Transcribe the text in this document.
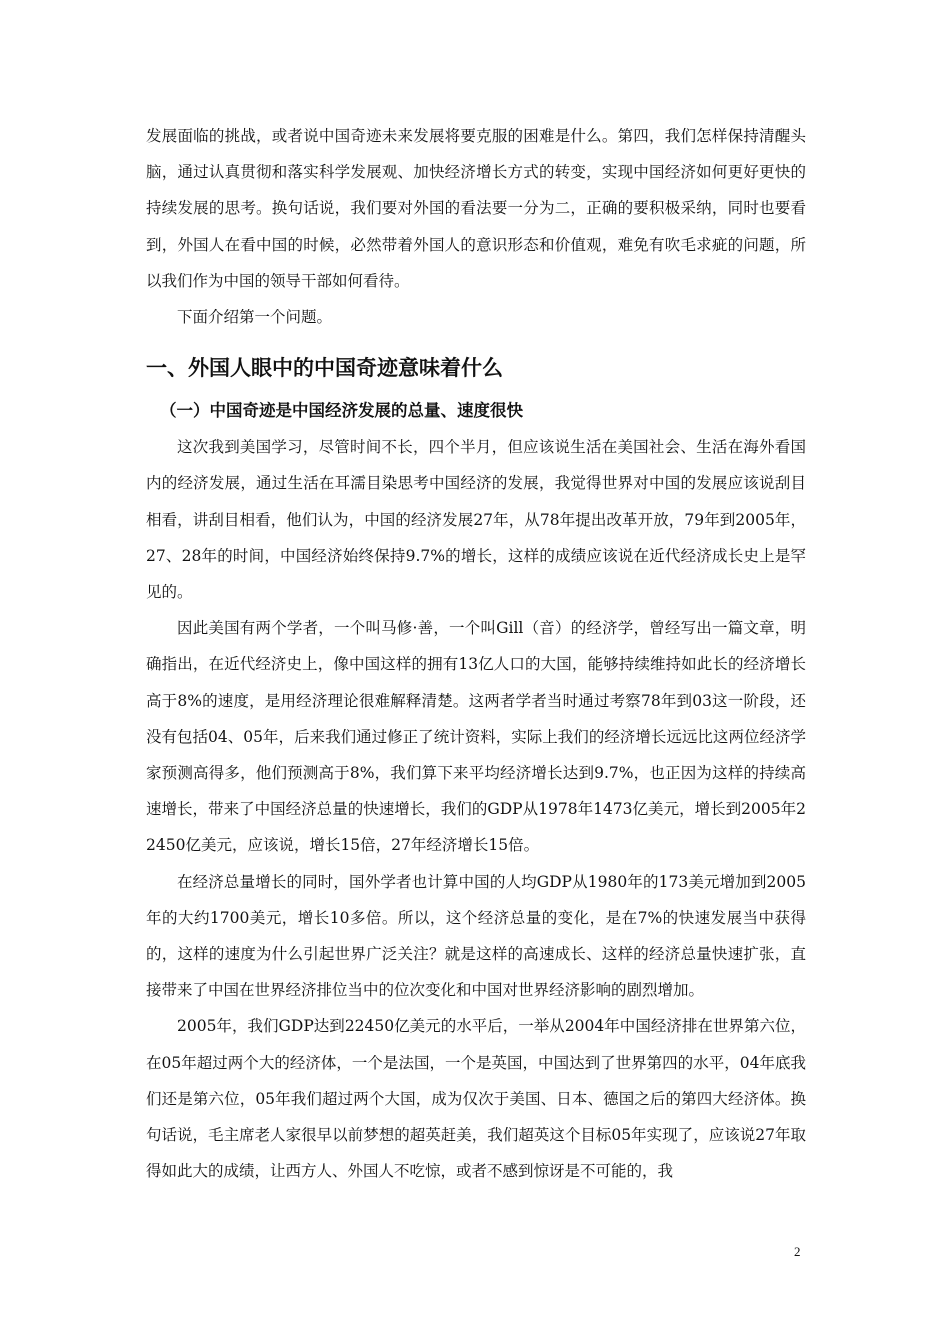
发展面临的挑战，或者说中国奇迹未来发展将要克服的困难是什么。第四，我们怎样保持清醒头脑，通过认真贯彻和落实科学发展观、加快经济增长方式的转变，实现中国经济如何更好更快的持续发展的思考。换句话说，我们要对外国的看法要一分为二，正确的要积极采纳，同时也要看到，外国人在看中国的时候，必然带着外国人的意识形态和价值观，难免有吹毛求疵的问题，所以我们作为中国的领导干部如何看待。

下面介绍第一个问题。

一、外国人眼中的中国奇迹意味着什么
（一）中国奇迹是中国经济发展的总量、速度很快

这次我到美国学习，尽管时间不长，四个半月，但应该说生活在美国社会、生活在海外看国内的经济发展，通过生活在耳濡目染思考中国经济的发展，我觉得世界对中国的发展应该说刮目相看，讲刮目相看，他们认为，中国的经济发展27年，从78年提出改革开放，79年到2005年，27、28年的时间，中国经济始终保持9.7%的增长，这样的成绩应该说在近代经济成长史上是罕见的。

因此美国有两个学者，一个叫马修·善，一个叫Gill（音）的经济学，曾经写出一篇文章，明确指出，在近代经济史上，像中国这样的拥有13亿人口的大国，能够持续维持如此长的经济增长高于8%的速度，是用经济理论很难解释清楚。这两者学者当时通过考察78年到03这一阶段，还没有包括04、05年，后来我们通过修正了统计资料，实际上我们的经济增长远远比这两位经济学家预测高得多，他们预测高于8%，我们算下来平均经济增长达到9.7%，也正因为这样的持续高速增长，带来了中国经济总量的快速增长，我们的GDP从1978年1473亿美元，增长到2005年22450亿美元，应该说，增长15倍，27年经济增长15倍。

在经济总量增长的同时，国外学者也计算中国的人均GDP从1980年的173美元增加到2005年的大约1700美元，增长10多倍。所以，这个经济总量的变化，是在7%的快速发展当中获得的，这样的速度为什么引起世界广泛关注？就是这样的高速成长、这样的经济总量快速扩张，直接带来了中国在世界经济排位当中的位次变化和中国对世界经济影响的剧烈增加。

2005年，我们GDP达到22450亿美元的水平后，一举从2004年中国经济排在世界第六位，在05年超过两个大的经济体，一个是法国，一个是英国，中国达到了世界第四的水平，04年底我们还是第六位，05年我们超过两个大国，成为仅次于美国、日本、德国之后的第四大经济体。换句话说，毛主席老人家很早以前梦想的超英赶美，我们超英这个目标05年实现了，应该说27年取得如此大的成绩，让西方人、外国人不吃惊，或者不感到惊讶是不可能的，我

2
